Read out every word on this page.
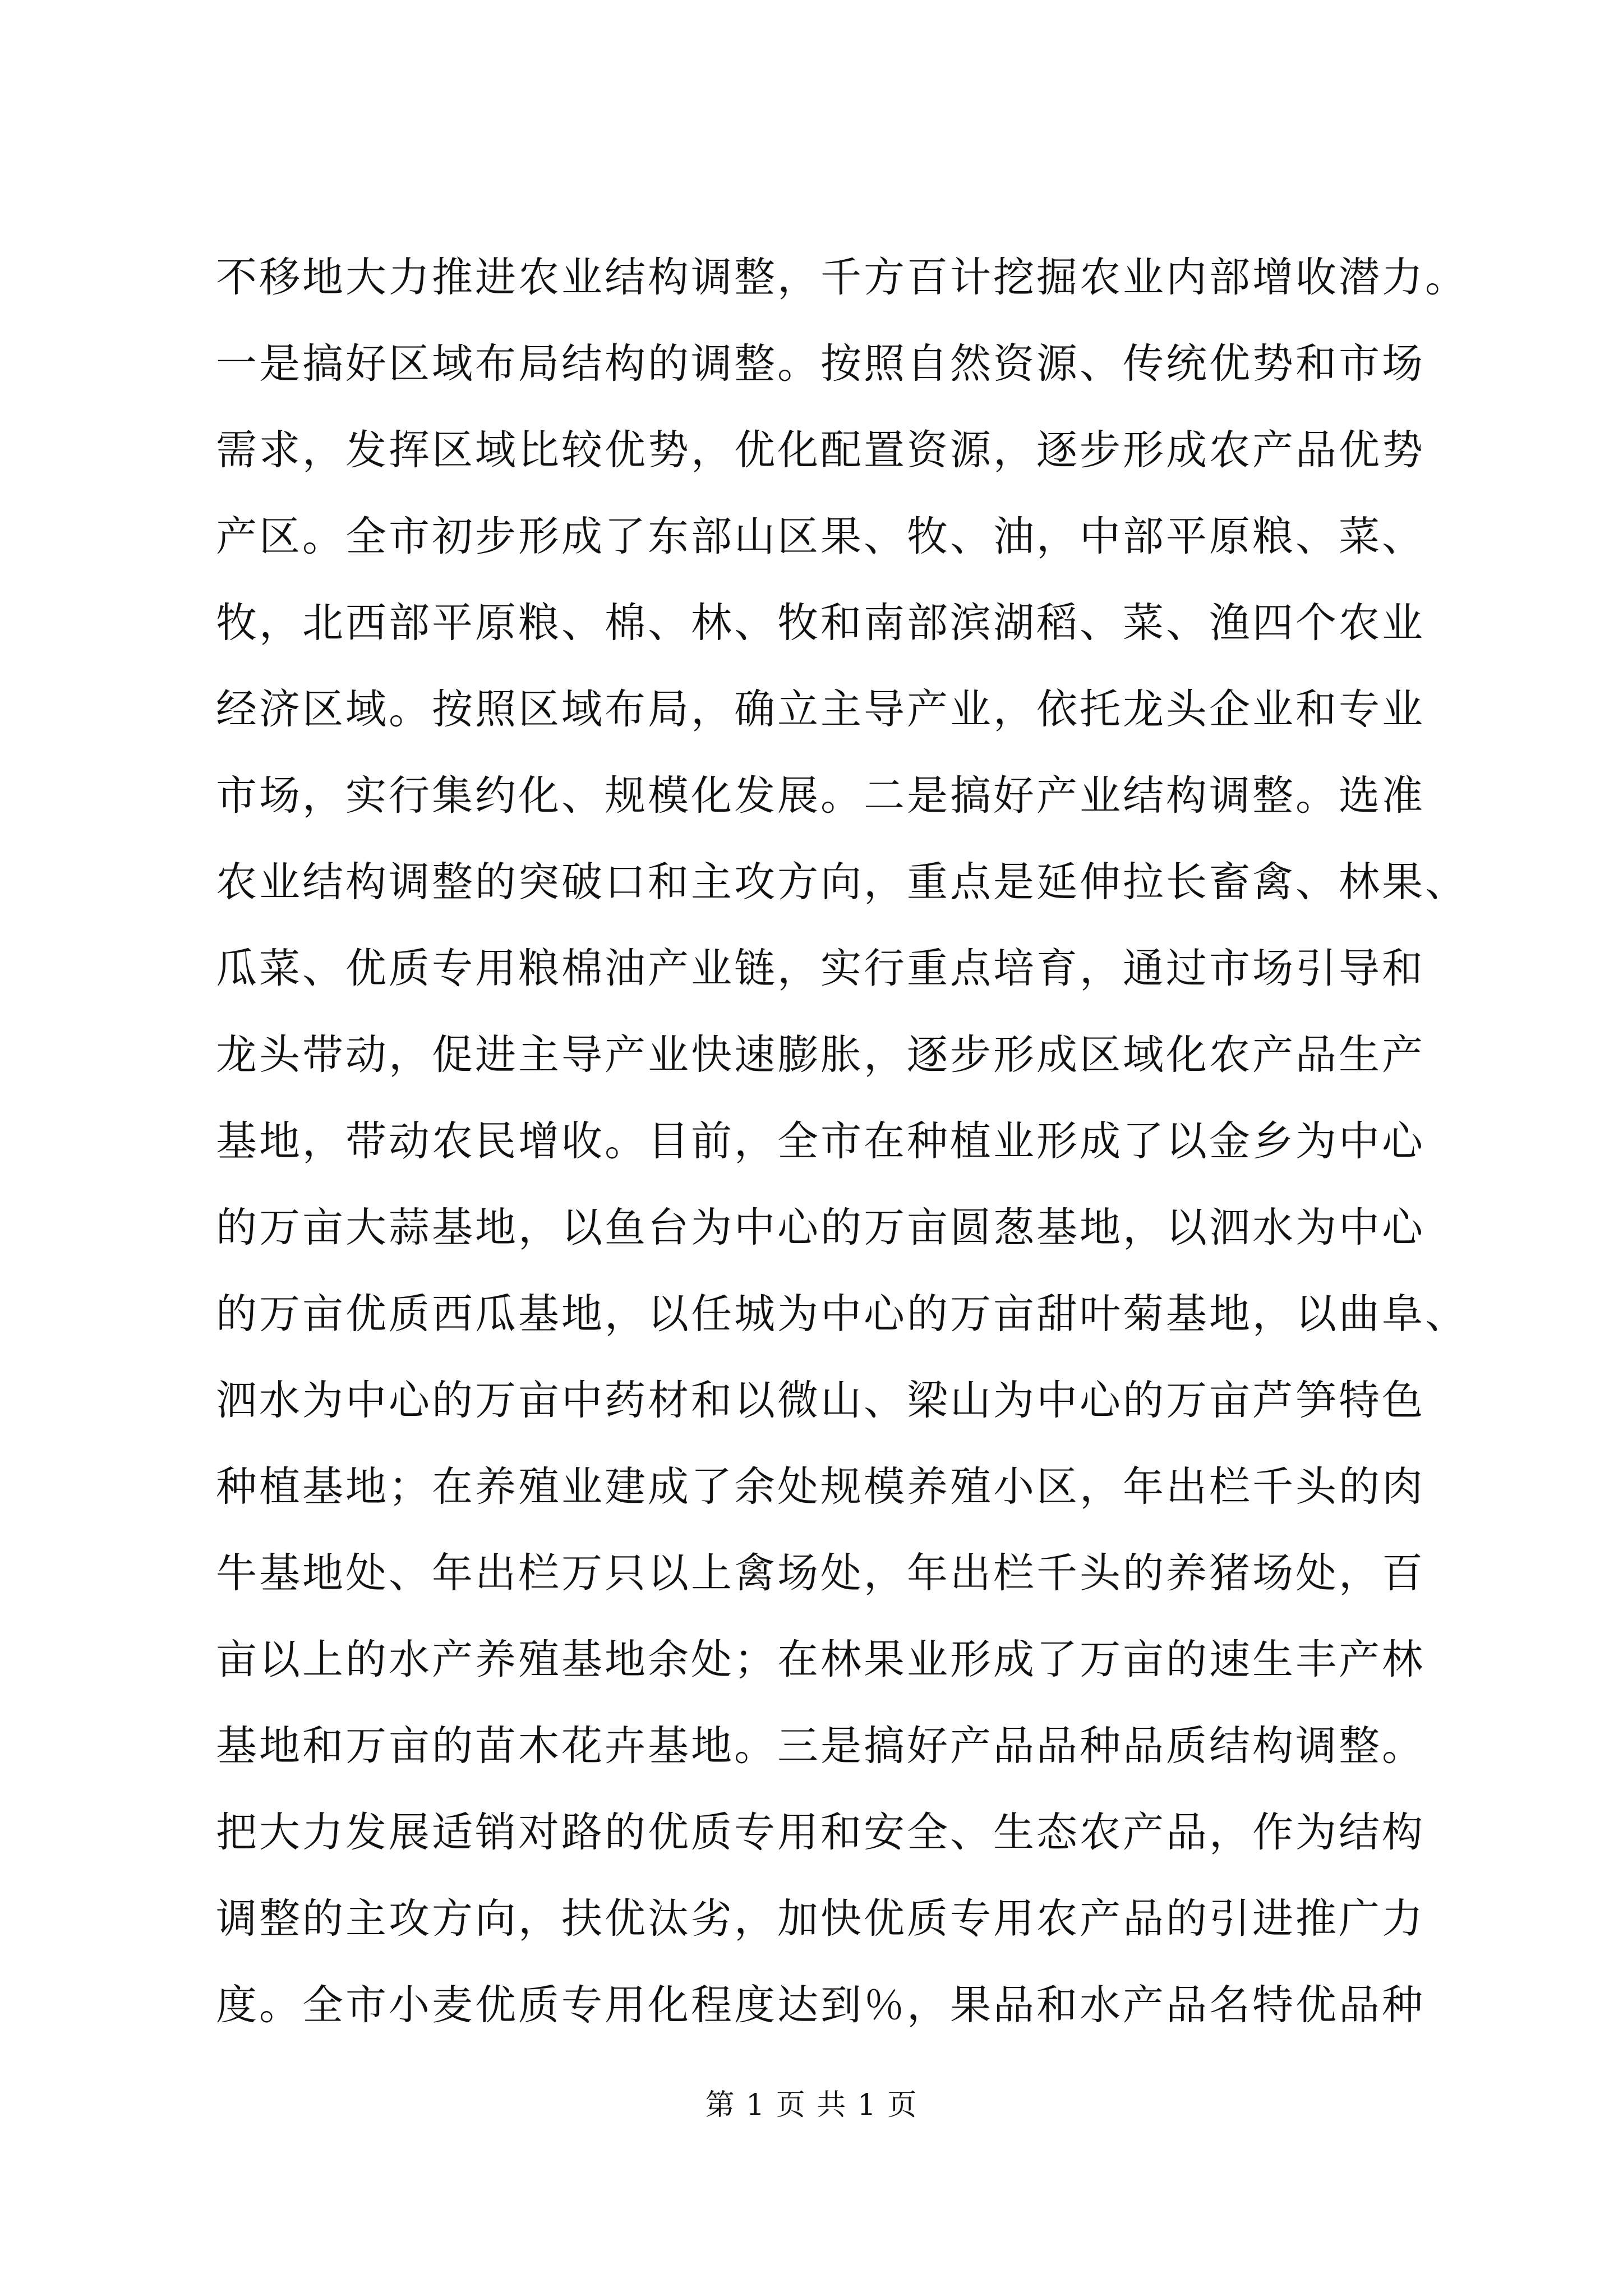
不移地大力推进农业结构调整，千方百计挖掘农业内部增收潜力。
一是搞好区域布局结构的调整。按照自然资源、传统优势和市场
需求，发挥区域比较优势，优化配置资源，逐步形成农产品优势
产区。全市初步形成了东部山区果、牧、油，中部平原粮、菜、
牧，北西部平原粮、棉、林、牧和南部滨湖稻、菜、渔四个农业
经济区域。按照区域布局，确立主导产业，依托龙头企业和专业
市场，实行集约化、规模化发展。二是搞好产业结构调整。选准
农业结构调整的突破口和主攻方向，重点是延伸拉长畜禽、林果、
瓜菜、优质专用粮棉油产业链，实行重点培育，通过市场引导和
龙头带动，促进主导产业快速膨胀，逐步形成区域化农产品生产
基地，带动农民增收。目前，全市在种植业形成了以金乡为中心
的万亩大蒜基地，以鱼台为中心的万亩圆葱基地，以泗水为中心
的万亩优质西瓜基地，以任城为中心的万亩甜叶菊基地，以曲阜、
泗水为中心的万亩中药材和以微山、梁山为中心的万亩芦笋特色
种植基地；在养殖业建成了余处规模养殖小区，年出栏千头的肉
牛基地处、年出栏万只以上禽场处，年出栏千头的养猪场处，百
亩以上的水产养殖基地余处；在林果业形成了万亩的速生丰产林
基地和万亩的苗木花卉基地。三是搞好产品品种品质结构调整。
把大力发展适销对路的优质专用和安全、生态农产品，作为结构
调整的主攻方向，扶优汰劣，加快优质专用农产品的引进推广力
度。全市小麦优质专用化程度达到％，果品和水产品名特优品种
第 1 页 共 1 页
